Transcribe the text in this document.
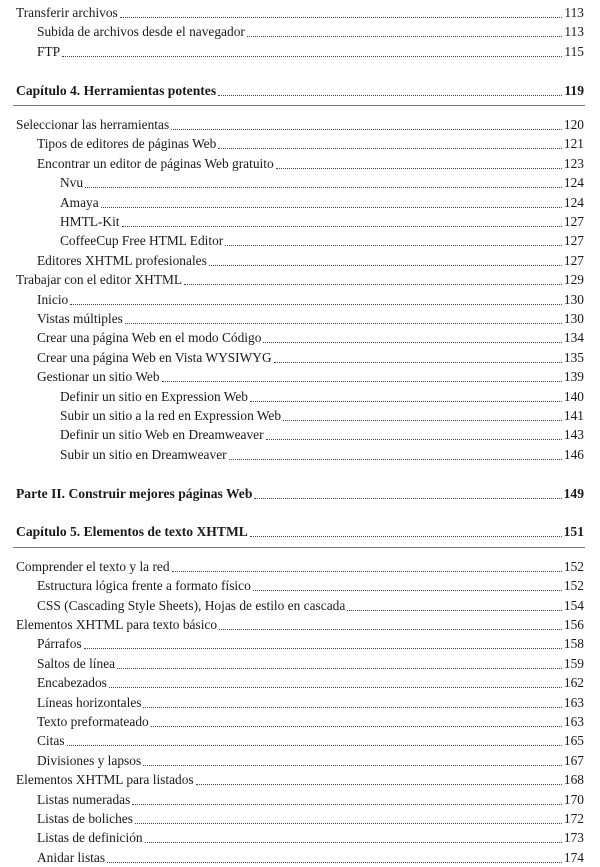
Transferir archivos	113
Subida de archivos desde el navegador	113
FTP	115
Capítulo 4. Herramientas potentes	119
Seleccionar las herramientas	120
Tipos de editores de páginas Web	121
Encontrar un editor de páginas Web gratuito	123
Nvu	124
Amaya	124
HMTL-Kit	127
CoffeeCup Free HTML Editor	127
Editores XHTML profesionales	127
Trabajar con el editor XHTML	129
Inicio	130
Vistas múltiples	130
Crear una página Web en el modo Código	134
Crear una página Web en Vista WYSIWYG	135
Gestionar un sitio Web	139
Definir un sitio en Expression Web	140
Subir un sitio a la red en Expression Web	141
Definir un sitio Web en Dreamweaver	143
Subir un sitio en Dreamweaver	146
Parte II. Construir mejores páginas Web	149
Capítulo 5. Elementos de texto XHTML	151
Comprender el texto y la red	152
Estructura lógica frente a formato físico	152
CSS (Cascading Style Sheets), Hojas de estilo en cascada	154
Elementos XHTML para texto básico	156
Párrafos	158
Saltos de línea	159
Encabezados	162
Líneas horizontales	163
Texto preformateado	163
Citas	165
Divisiones y lapsos	167
Elementos XHTML para listados	168
Listas numeradas	170
Listas de boliches	172
Listas de definición	173
Anidar listas	174
